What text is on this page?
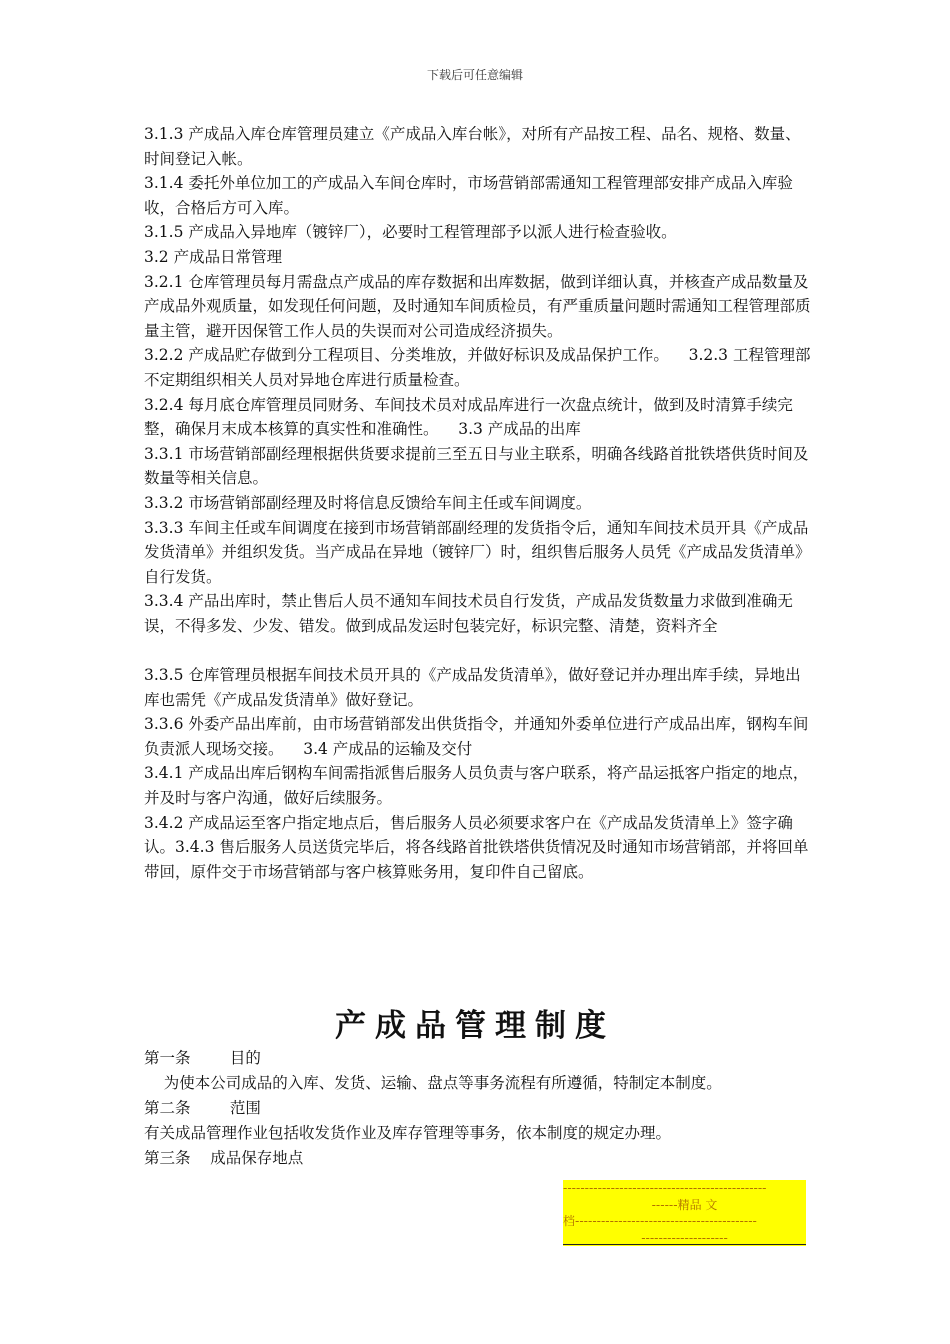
下载后可任意编辑

3.1.3 产成品入库仓库管理员建立《产成品入库台帐》，对所有产品按工程、品名、规格、数量、时间登记入帐。

3.1.4 委托外单位加工的产成品入车间仓库时，市场营销部需通知工程管理部安排产成品入库验收，合格后方可入库。

3.1.5 产成品入异地库（镀锌厂），必要时工程管理部予以派人进行检查验收。

3.2 产成品日常管理

3.2.1 仓库管理员每月需盘点产成品的库存数据和出库数据，做到详细认真，并核查产成品数量及产成品外观质量，如发现任何问题，及时通知车间质检员，有严重质量问题时需通知工程管理部质量主管，避开因保管工作人员的失误而对公司造成经济损失。

3.2.2 产成品贮存做到分工程项目、分类堆放，并做好标识及成品保护工作。    3.2.3 工程管理部不定期组织相关人员对异地仓库进行质量检查。

3.2.4 每月底仓库管理员同财务、车间技术员对成品库进行一次盘点统计，做到及时清算手续完整，确保月末成本核算的真实性和准确性。    3.3 产成品的出库

3.3.1 市场营销部副经理根据供货要求提前三至五日与业主联系，明确各线路首批铁塔供货时间及数量等相关信息。

3.3.2 市场营销部副经理及时将信息反馈给车间主任或车间调度。

3.3.3 车间主任或车间调度在接到市场营销部副经理的发货指令后，通知车间技术员开具《产成品发货清单》并组织发货。当产成品在异地（镀锌厂）时，组织售后服务人员凭《产成品发货清单》自行发货。

3.3.4 产品出库时，禁止售后人员不通知车间技术员自行发货，产成品发货数量力求做到准确无误，不得多发、少发、错发。做到成品发运时包装完好，标识完整、清楚，资料齐全

3.3.5 仓库管理员根据车间技术员开具的《产成品发货清单》，做好登记并办理出库手续，异地出库也需凭《产成品发货清单》做好登记。

3.3.6 外委产品出库前，由市场营销部发出供货指令，并通知外委单位进行产成品出库，钢构车间负责派人现场交接。    3.4 产成品的运输及交付

3.4.1 产成品出库后钢构车间需指派售后服务人员负责与客户联系，将产品运抵客户指定的地点，并及时与客户沟通，做好后续服务。

3.4.2 产成品运至客户指定地点后，售后服务人员必须要求客户在《产成品发货清单上》签字确认。3.4.3 售后服务人员送货完毕后，将各线路首批铁塔供货情况及时通知市场营销部，并将回单带回，原件交于市场营销部与客户核算账务用，复印件自己留底。

产成品管理制度

第一条        目的

为使本公司成品的入库、发货、运输、盘点等事务流程有所遵循，特制定本制度。

第二条        范围

有关成品管理作业包括收发货作业及库存管理等事务，依本制度的规定办理。

第三条    成品保存地点

-----------------------------------------------
------精品 文
档------------------------------------------
--------------------
